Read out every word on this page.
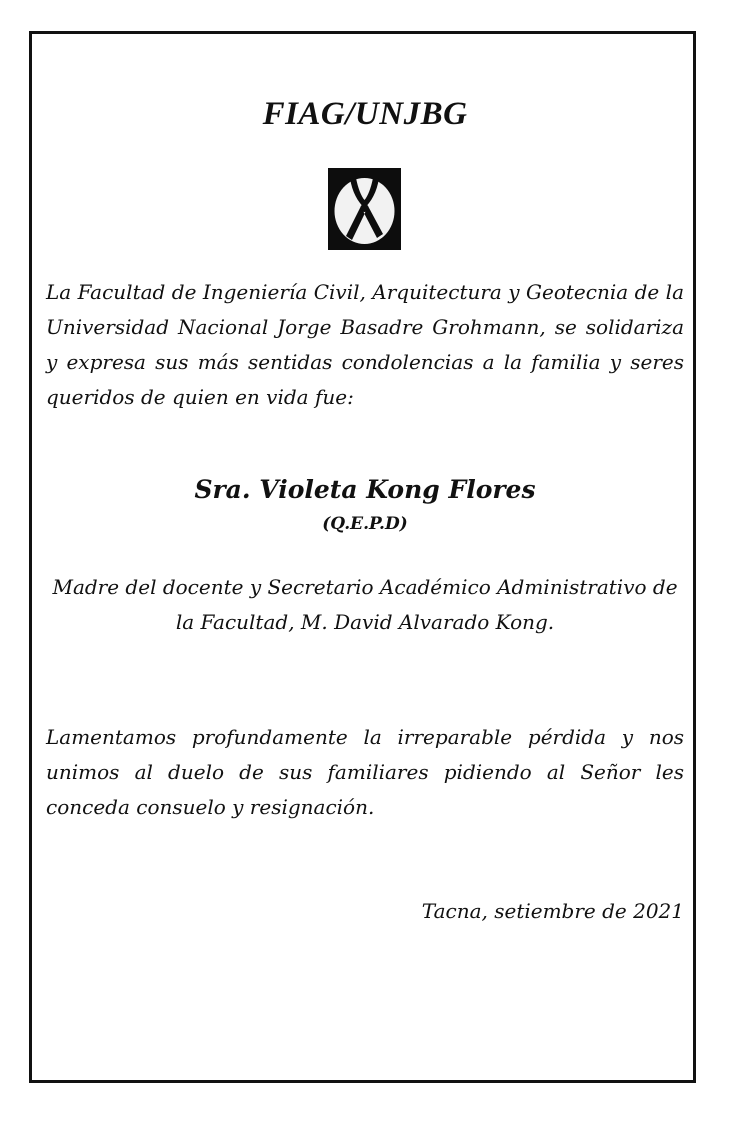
FIAG/UNJBG

La Facultad de Ingeniería Civil, Arquitectura y Geotecnia de la Universidad Nacional Jorge Basadre Grohmann, se solidariza y expresa sus más sentidas condolencias a la familia y seres queridos de quien en vida fue:

Sra. Violeta Kong Flores

(Q.E.P.D)

Madre del docente y Secretario Académico Administrativo de la Facultad, M. David Alvarado Kong.

Lamentamos profundamente la irreparable pérdida y nos unimos al duelo de sus familiares pidiendo al Señor les conceda consuelo y resignación.

Tacna, setiembre de 2021
